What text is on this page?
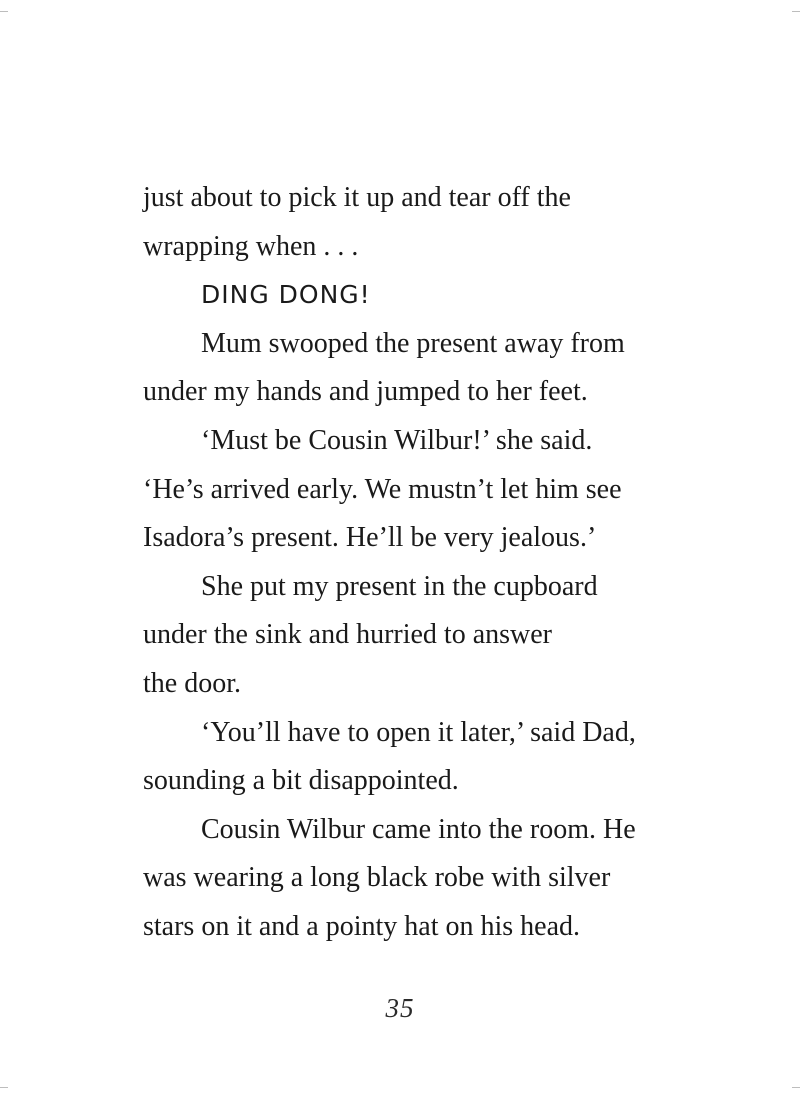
just about to pick it up and tear off the
wrapping when . . .
DING DONG!
Mum swooped the present away from
under my hands and jumped to her feet.
‘Must be Cousin Wilbur!’ she said.
‘He’s arrived early. We mustn’t let him see
Isadora’s present. He’ll be very jealous.’
She put my present in the cupboard
under the sink and hurried to answer
the door.
‘You’ll have to open it later,’ said Dad,
sounding a bit disappointed.
Cousin Wilbur came into the room. He
was wearing a long black robe with silver
stars on it and a pointy hat on his head.
35
